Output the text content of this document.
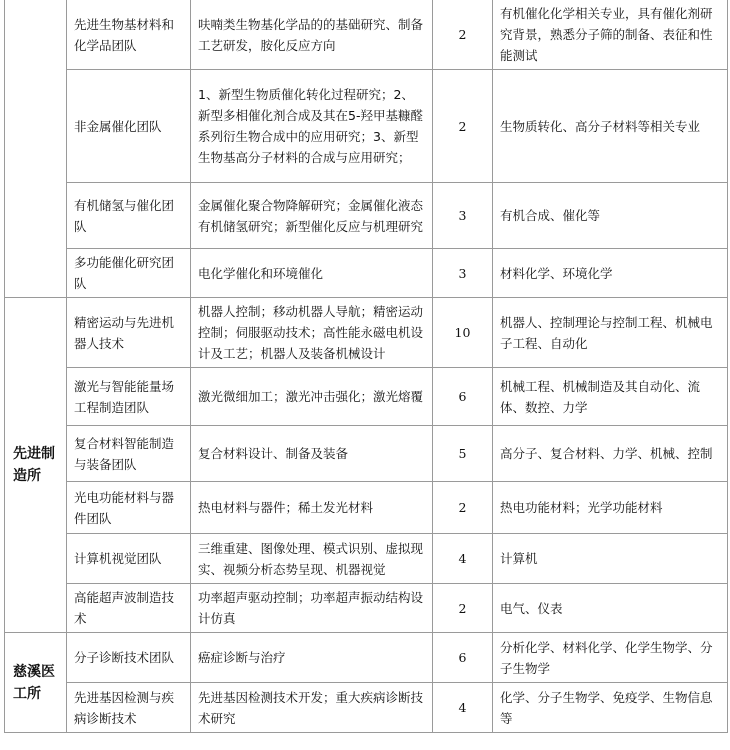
	先进生物基材料和化学品团队	呋喃类生物基化学品的的基础研究、制备工艺研发，胺化反应方向	2	有机催化化学相关专业，具有催化剂研究背景，熟悉分子筛的制备、表征和性能测试
	非金属催化团队	1、新型生物质催化转化过程研究；2、新型多相催化剂合成及其在5-羟甲基糠醛系列衍生物合成中的应用研究；3、新型生物基高分子材料的合成与应用研究；	2	生物质转化、高分子材料等相关专业
	有机储氢与催化团队	金属催化聚合物降解研究；金属催化液态有机储氢研究；新型催化反应与机理研究	3	有机合成、催化等
	多功能催化研究团队	电化学催化和环境催化	3	材料化学、环境化学
先进制造所	精密运动与先进机器人技术	机器人控制；移动机器人导航；精密运动控制；伺服驱动技术；高性能永磁电机设计及工艺；机器人及装备机械设计	10	机器人、控制理论与控制工程、机械电子工程、自动化
	激光与智能能量场工程制造团队	激光微细加工；激光冲击强化；激光熔覆	6	机械工程、机械制造及其自动化、流体、数控、力学
	复合材料智能制造与装备团队	复合材料设计、制备及装备	5	高分子、复合材料、力学、机械、控制
	光电功能材料与器件团队	热电材料与器件；稀土发光材料	2	热电功能材料；光学功能材料
	计算机视觉团队	三维重建、图像处理、模式识别、虚拟现实、视频分析态势呈现、机器视觉	4	计算机
	高能超声波制造技术	功率超声驱动控制；功率超声振动结构设计仿真	2	电气、仪表
慈溪医工所	分子诊断技术团队	癌症诊断与治疗	6	分析化学、材料化学、化学生物学、分子生物学
	先进基因检测与疾病诊断技术	先进基因检测技术开发；重大疾病诊断技术研究	4	化学、分子生物学、免疫学、生物信息等
